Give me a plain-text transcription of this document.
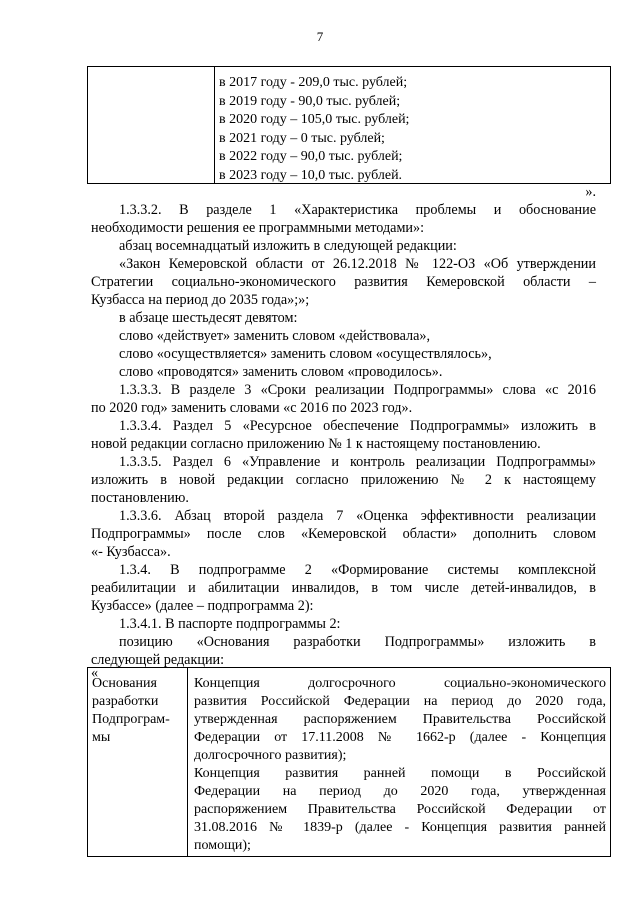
7
в 2017 году - 209,0 тыс. рублей;
в 2019 году - 90,0 тыс. рублей;
в 2020 году – 105,0 тыс. рублей;
в 2021 году – 0 тыс. рублей;
в 2022 году – 90,0 тыс. рублей;
в 2023 году – 10,0 тыс. рублей.
».
1.3.3.2. В разделе 1 «Характеристика проблемы и обоснование
необходимости решения ее программными методами»:
абзац восемнадцатый изложить в следующей редакции:
«Закон Кемеровской области от 26.12.2018 № 122-ОЗ «Об утверждении
Стратегии социально-экономического развития Кемеровской области –
Кузбасса на период до 2035 года»;»;
в абзаце шестьдесят девятом:
слово «действует» заменить словом «действовала»,
слово «осуществляется» заменить словом «осуществлялось»,
слово «проводятся» заменить словом «проводилось».
1.3.3.3. В разделе 3 «Сроки реализации Подпрограммы» слова «с 2016
по 2020 год» заменить словами «с 2016 по 2023 год».
1.3.3.4. Раздел 5 «Ресурсное обеспечение Подпрограммы» изложить в
новой редакции согласно приложению № 1 к настоящему постановлению.
1.3.3.5. Раздел 6 «Управление и контроль реализации Подпрограммы»
изложить в новой редакции согласно приложению № 2 к настоящему
постановлению.
1.3.3.6. Абзац второй раздела 7 «Оценка эффективности реализации
Подпрограммы» после слов «Кемеровской области» дополнить словом
«- Кузбасса».
1.3.4. В подпрограмме 2 «Формирование системы комплексной
реабилитации и абилитации инвалидов, в том числе детей-инвалидов, в
Кузбассе» (далее – подпрограмма 2):
1.3.4.1. В паспорте подпрограммы 2:
позицию «Основания разработки Подпрограммы» изложить в
следующей редакции:
«
Основания
разработки
Подпрограм-
мы
Концепция долгосрочного социально-экономического
развития Российской Федерации на период до 2020 года,
утвержденная распоряжением Правительства Российской
Федерации от 17.11.2008 № 1662-р (далее - Концепция
долгосрочного развития);
Концепция развития ранней помощи в Российской
Федерации на период до 2020 года, утвержденная
распоряжением Правительства Российской Федерации от
31.08.2016 № 1839-р (далее - Концепция развития ранней
помощи);
